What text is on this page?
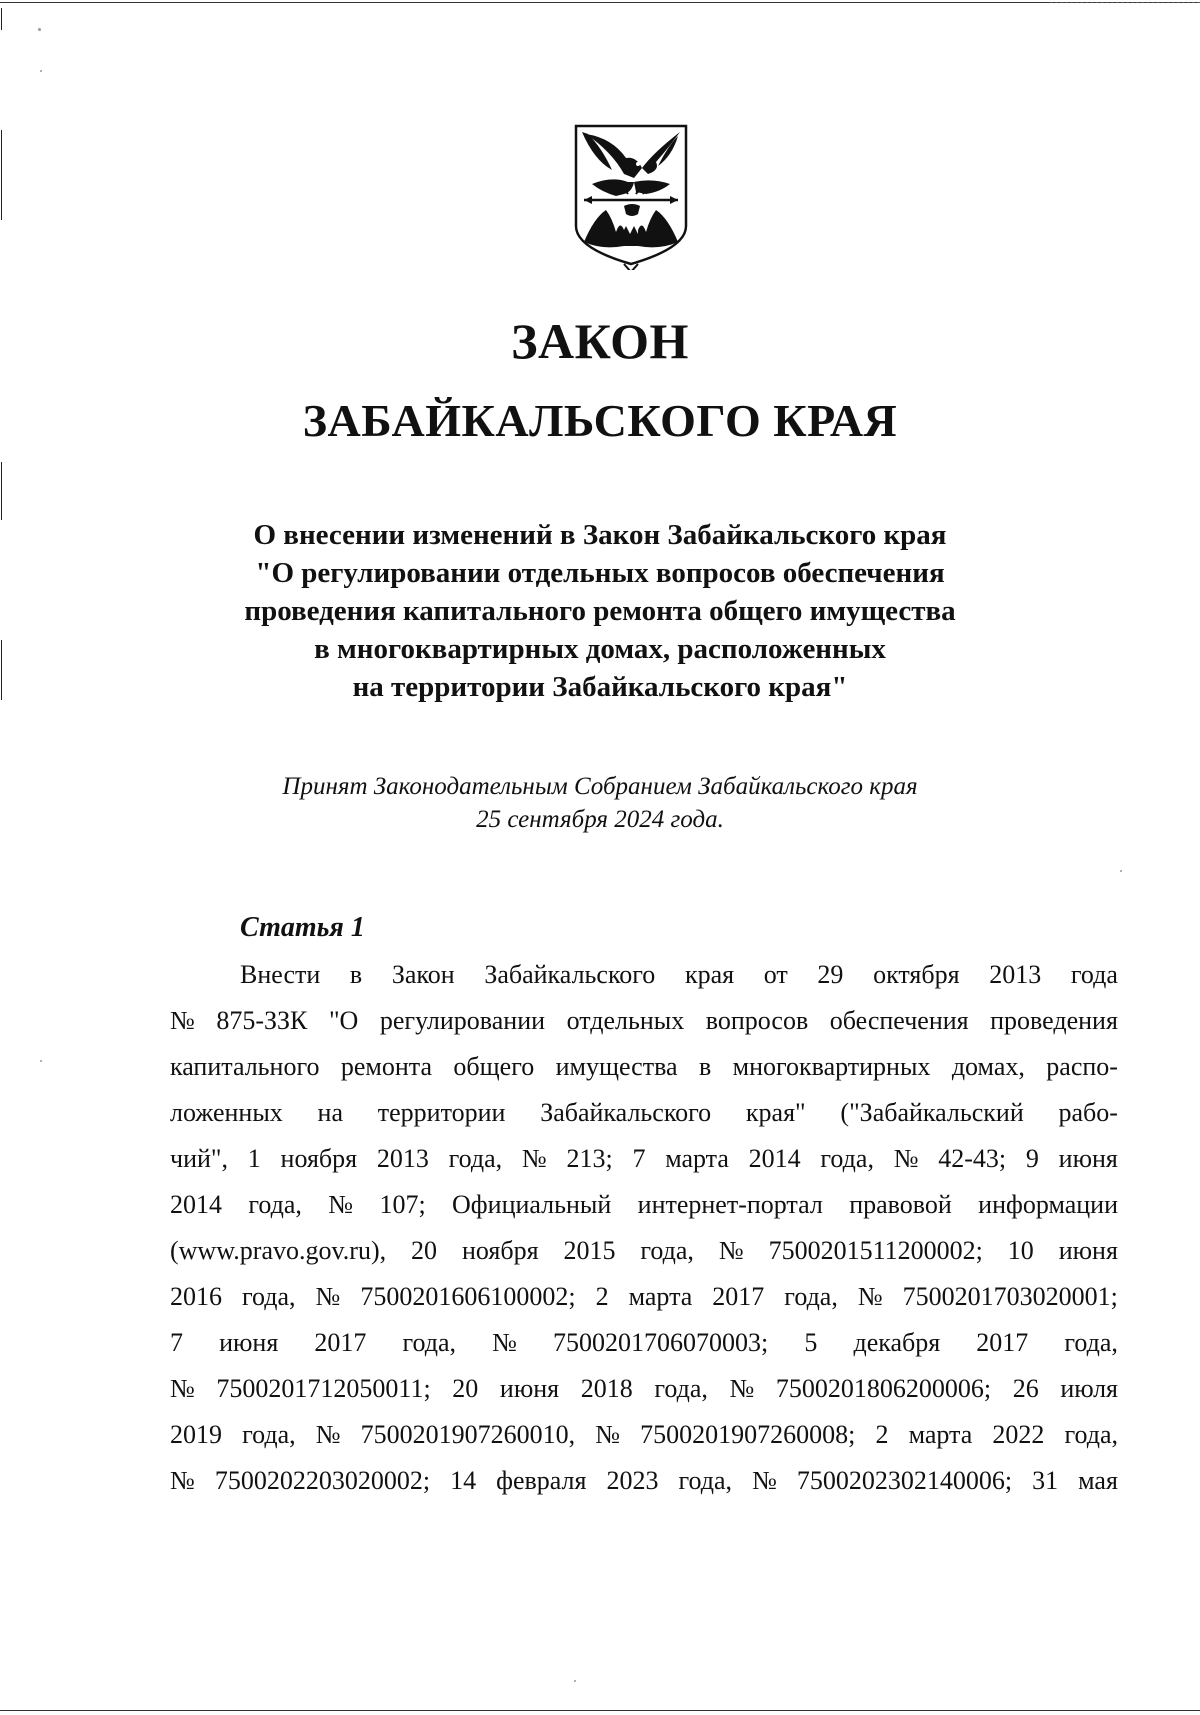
ЗАКОН
ЗАБАЙКАЛЬСКОГО КРАЯ
О внесении изменений в Закон Забайкальского края
"О регулировании отдельных вопросов обеспечения
проведения капитального ремонта общего имущества
в многоквартирных домах, расположенных
на территории Забайкальского края"
Принят Законодательным Собранием Забайкальского края
25 сентября 2024 года.
Статья 1
Внести в Закон Забайкальского края от 29 октября 2013 года
№ 875-ЗЗК "О регулировании отдельных вопросов обеспечения проведения
капитального ремонта общего имущества в многоквартирных домах, распо-
ложенных на территории Забайкальского края" ("Забайкальский рабо-
чий", 1 ноября 2013 года, № 213; 7 марта 2014 года, № 42-43; 9 июня
2014 года, № 107; Официальный интернет-портал правовой информации
(www.pravo.gov.ru), 20 ноября 2015 года, № 7500201511200002; 10 июня
2016 года, № 7500201606100002; 2 марта 2017 года, № 7500201703020001;
7 июня 2017 года, № 7500201706070003; 5 декабря 2017 года,
№ 7500201712050011; 20 июня 2018 года, № 7500201806200006; 26 июля
2019 года, № 7500201907260010, № 7500201907260008; 2 марта 2022 года,
№ 7500202203020002; 14 февраля 2023 года, № 7500202302140006; 31 мая
